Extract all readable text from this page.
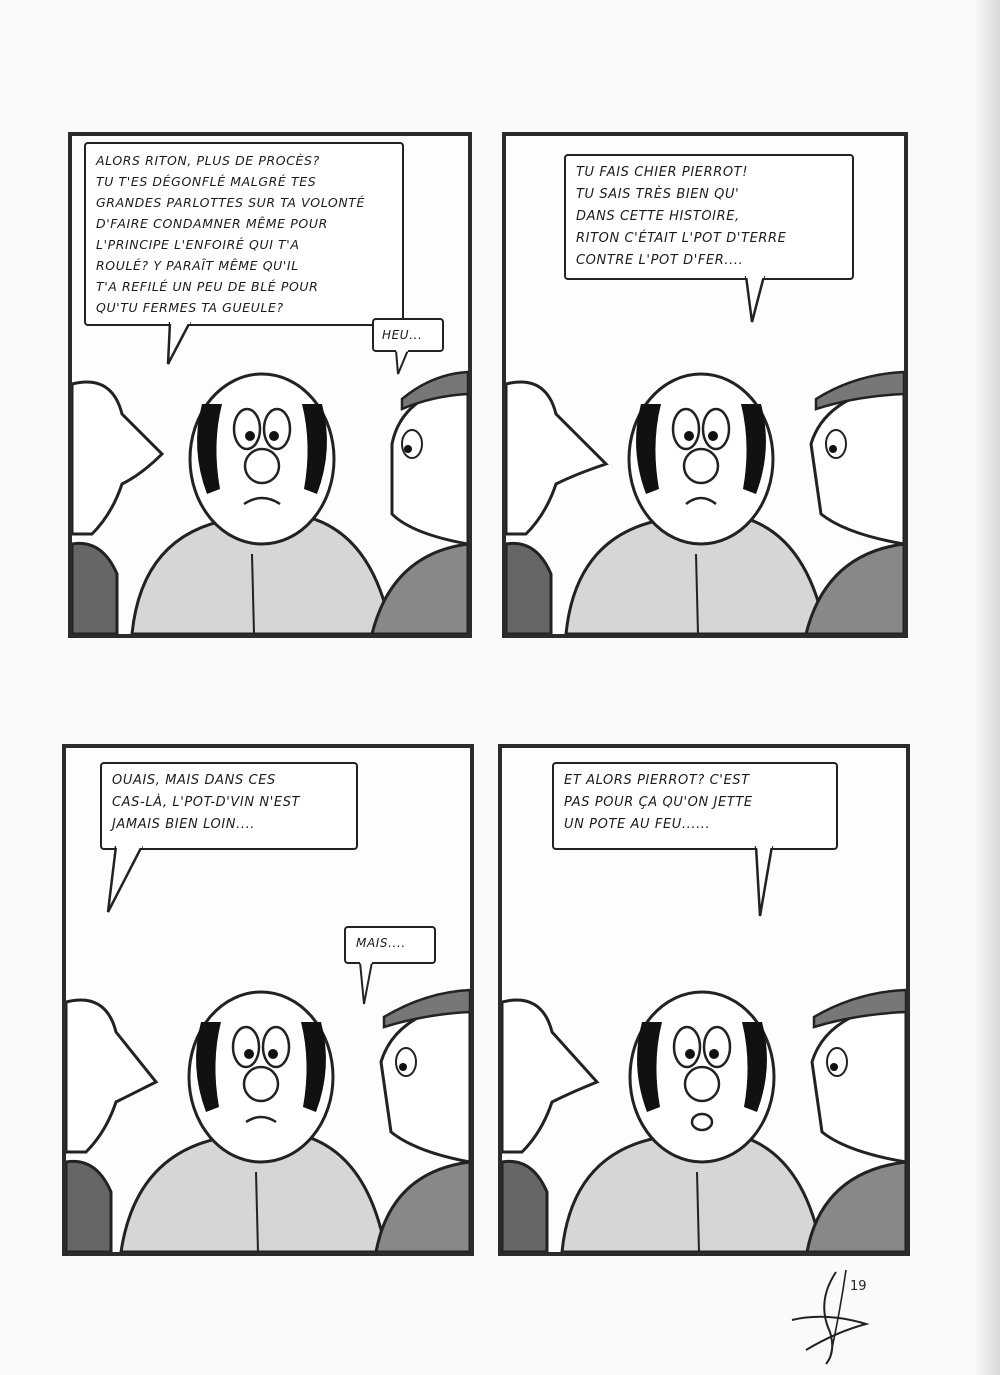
ALORS RITON, PLUS DE PROCÈS?
TU T'ES DÉGONFLÉ MALGRÉ TES
GRANDES PARLOTTES SUR TA VOLONTÉ
D'FAIRE CONDAMNER MÊME POUR
L'PRINCIPE L'ENFOIRÉ QUI T'A
ROULÉ? Y PARAÎT MÊME QU'IL
T'A REFILÉ UN PEU DE BLÉ POUR
QU'TU FERMES TA GUEULE?
HEU...
TU FAIS CHIER PIERROT!
TU SAIS TRÈS BIEN QU'
DANS CETTE HISTOIRE,
RITON C'ÉTAIT L'POT D'TERRE
CONTRE L'POT D'FER....
OUAIS, MAIS DANS CES
CAS-LÀ, L'POT-D'VIN N'EST
JAMAIS BIEN LOIN....
MAIS....
ET ALORS PIERROT? C'EST
PAS POUR ÇA QU'ON JETTE
UN POTE AU FEU......
19
